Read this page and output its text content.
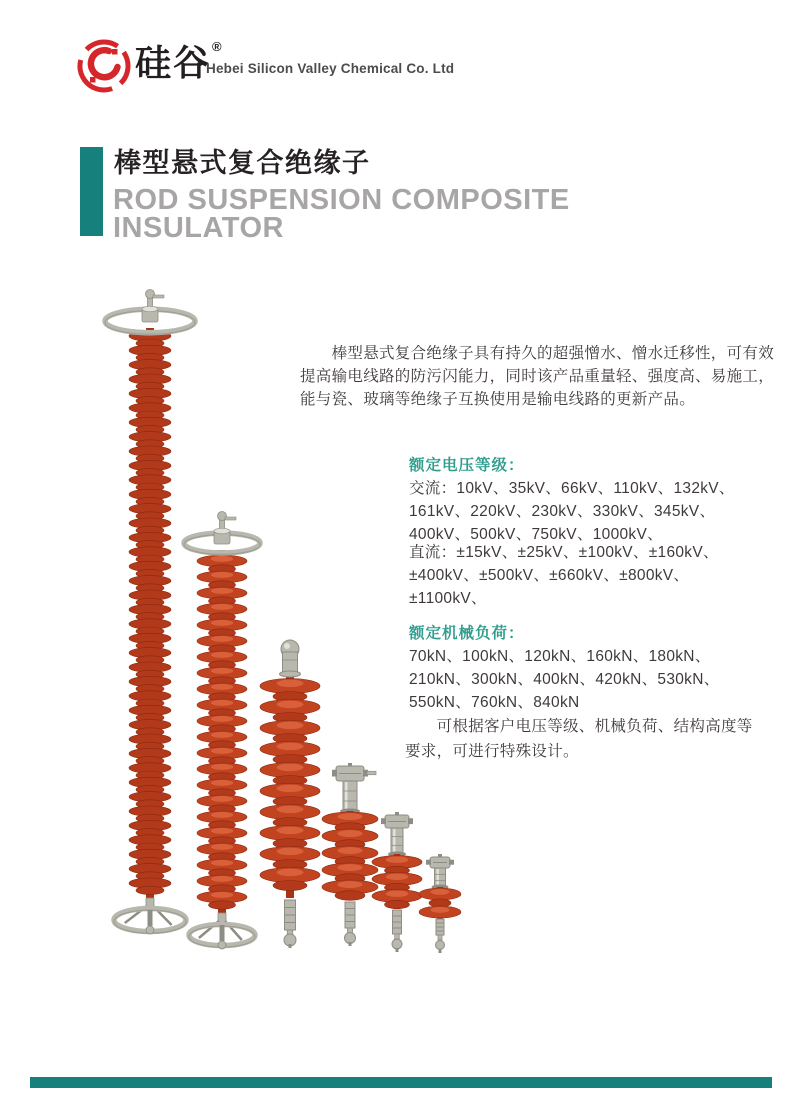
硅谷®
Hebei Silicon Valley Chemical Co. Ltd
棒型悬式复合绝缘子
ROD SUSPENSION COMPOSITE
INSULATOR
　　棒型悬式复合绝缘子具有持久的超强憎水、憎水迁移性，可有效
提高输电线路的防污闪能力，同时该产品重量轻、强度高、易施工，
能与瓷、玻璃等绝缘子互换使用是输电线路的更新产品。
额定电压等级：
交流：10kV、35kV、66kV、110kV、132kV、
161kV、220kV、230kV、330kV、345kV、
400kV、500kV、750kV、1000kV、
直流：±15kV、±25kV、±100kV、±160kV、
±400kV、±500kV、±660kV、±800kV、
±1100kV、
额定机械负荷：
70kN、100kN、120kN、160kN、180kN、
210kN、300kN、400kN、420kN、530kN、
550kN、760kN、840kN
　　可根据客户电压等级、机械负荷、结构高度等
要求，可进行特殊设计。
